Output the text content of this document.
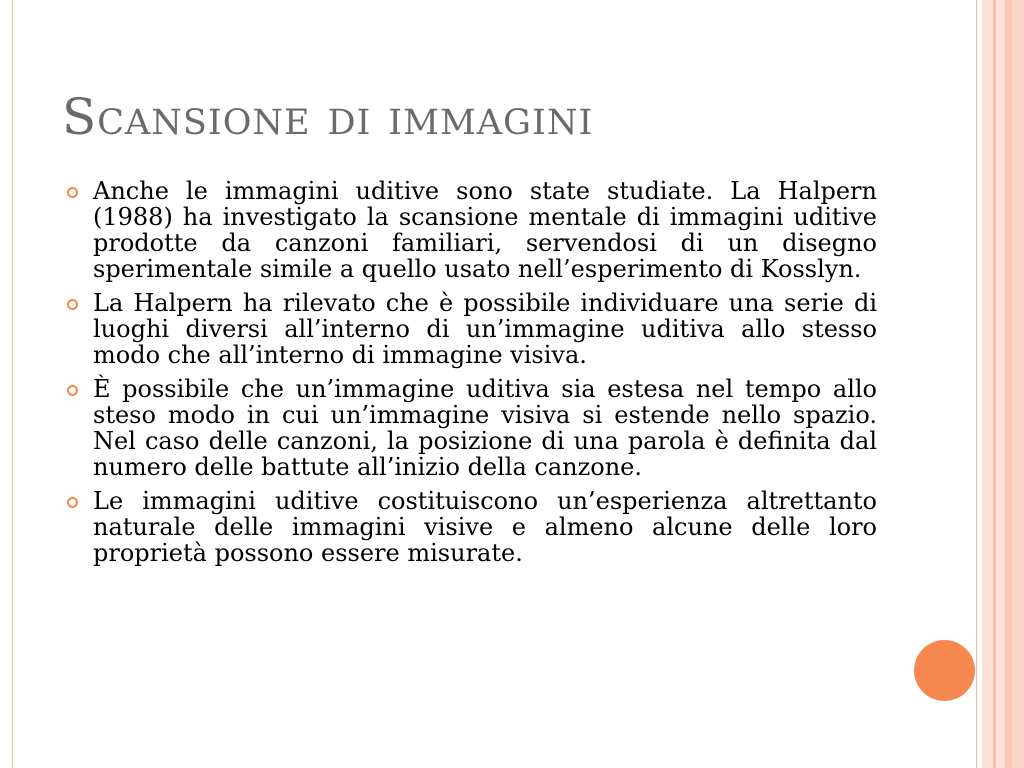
Scansione di immagini
Anche le immagini uditive sono state studiate. La Halpern (1988) ha investigato la scansione mentale di immagini uditive prodotte da canzoni familiari, servendosi di un disegno sperimentale simile a quello usato nell’esperimento di Kosslyn.
La Halpern ha rilevato che è possibile individuare una serie di luoghi diversi all’interno di un’immagine uditiva allo stesso modo che all’interno di immagine visiva.
È possibile che un’immagine uditiva sia estesa nel tempo allo steso modo in cui un’immagine visiva si estende nello spazio. Nel caso delle canzoni, la posizione di una parola è definita dal numero delle battute all’inizio della canzone.
Le immagini uditive costituiscono un’esperienza altrettanto naturale delle immagini visive e almeno alcune delle loro proprietà possono essere misurate.
